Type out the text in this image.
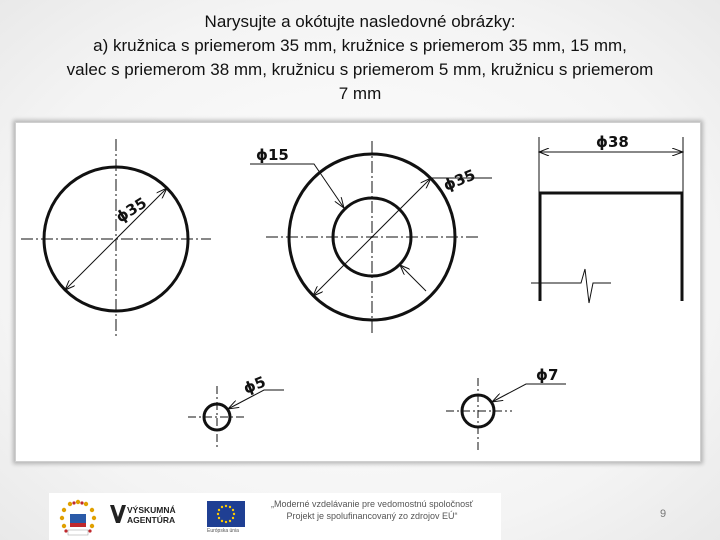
Narysujte a okótujte nasledovné obrázky:
a) kružnica s priemerom 35 mm, kružnice s priemerom 35 mm, 15 mm,
valec s priemerom 38 mm, kružnicu s priemerom 5 mm, kružnicu s priemerom
7 mm
ϕ35
ϕ35
ϕ15
ϕ38
ϕ5	ϕ7
VÝSKUMNÁ
AGENTÚRA
Európska únia
„Moderné vzdelávanie pre vedomostnú spoločnosť
Projekt je spolufinancovaný zo zdrojov EÚ“	9
